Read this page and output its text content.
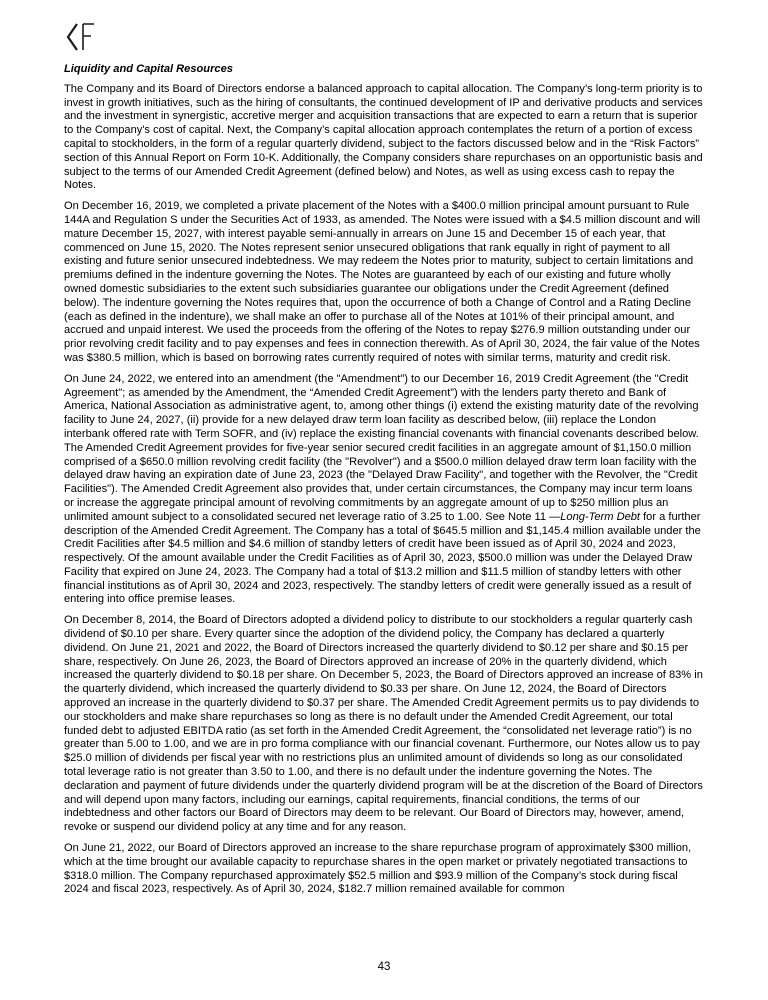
Liquidity and Capital Resources

The Company and its Board of Directors endorse a balanced approach to capital allocation. The Company’s long-term priority is to invest in growth initiatives, such as the hiring of consultants, the continued development of IP and derivative products and services and the investment in synergistic, accretive merger and acquisition transactions that are expected to earn a return that is superior to the Company's cost of capital. Next, the Company’s capital allocation approach contemplates the return of a portion of excess capital to stockholders, in the form of a regular quarterly dividend, subject to the factors discussed below and in the “Risk Factors” section of this Annual Report on Form 10-K. Additionally, the Company considers share repurchases on an opportunistic basis and subject to the terms of our Amended Credit Agreement (defined below) and Notes, as well as using excess cash to repay the Notes.

On December 16, 2019, we completed a private placement of the Notes with a $400.0 million principal amount pursuant to Rule 144A and Regulation S under the Securities Act of 1933, as amended. The Notes were issued with a $4.5 million discount and will mature December 15, 2027, with interest payable semi-annually in arrears on June 15 and December 15 of each year, that commenced on June 15, 2020. The Notes represent senior unsecured obligations that rank equally in right of payment to all existing and future senior unsecured indebtedness. We may redeem the Notes prior to maturity, subject to certain limitations and premiums defined in the indenture governing the Notes. The Notes are guaranteed by each of our existing and future wholly owned domestic subsidiaries to the extent such subsidiaries guarantee our obligations under the Credit Agreement (defined below). The indenture governing the Notes requires that, upon the occurrence of both a Change of Control and a Rating Decline (each as defined in the indenture), we shall make an offer to purchase all of the Notes at 101% of their principal amount, and accrued and unpaid interest. We used the proceeds from the offering of the Notes to repay $276.9 million outstanding under our prior revolving credit facility and to pay expenses and fees in connection therewith. As of April 30, 2024, the fair value of the Notes was $380.5 million, which is based on borrowing rates currently required of notes with similar terms, maturity and credit risk.

On June 24, 2022, we entered into an amendment (the "Amendment") to our December 16, 2019 Credit Agreement (the "Credit Agreement"; as amended by the Amendment, the “Amended Credit Agreement”) with the lenders party thereto and Bank of America, National Association as administrative agent, to, among other things (i) extend the existing maturity date of the revolving facility to June 24, 2027, (ii) provide for a new delayed draw term loan facility as described below, (iii) replace the London interbank offered rate with Term SOFR, and (iv) replace the existing financial covenants with financial covenants described below. The Amended Credit Agreement provides for five-year senior secured credit facilities in an aggregate amount of $1,150.0 million comprised of a $650.0 million revolving credit facility (the "Revolver") and a $500.0 million delayed draw term loan facility with the delayed draw having an expiration date of June 23, 2023 (the "Delayed Draw Facility", and together with the Revolver, the "Credit Facilities"). The Amended Credit Agreement also provides that, under certain circumstances, the Company may incur term loans or increase the aggregate principal amount of revolving commitments by an aggregate amount of up to $250 million plus an unlimited amount subject to a consolidated secured net leverage ratio of 3.25 to 1.00. See Note 11 —Long-Term Debt for a further description of the Amended Credit Agreement. The Company has a total of $645.5 million and $1,145.4 million available under the Credit Facilities after $4.5 million and $4.6 million of standby letters of credit have been issued as of April 30, 2024 and 2023, respectively. Of the amount available under the Credit Facilities as of April 30, 2023, $500.0 million was under the Delayed Draw Facility that expired on June 24, 2023. The Company had a total of $13.2 million and $11.5 million of standby letters with other financial institutions as of April 30, 2024 and 2023, respectively. The standby letters of credit were generally issued as a result of entering into office premise leases.

On December 8, 2014, the Board of Directors adopted a dividend policy to distribute to our stockholders a regular quarterly cash dividend of $0.10 per share. Every quarter since the adoption of the dividend policy, the Company has declared a quarterly dividend. On June 21, 2021 and 2022, the Board of Directors increased the quarterly dividend to $0.12 per share and $0.15 per share, respectively. On June 26, 2023, the Board of Directors approved an increase of 20% in the quarterly dividend, which increased the quarterly dividend to $0.18 per share. On December 5, 2023, the Board of Directors approved an increase of 83% in the quarterly dividend, which increased the quarterly dividend to $0.33 per share. On June 12, 2024, the Board of Directors approved an increase in the quarterly dividend to $0.37 per share. The Amended Credit Agreement permits us to pay dividends to our stockholders and make share repurchases so long as there is no default under the Amended Credit Agreement, our total funded debt to adjusted EBITDA ratio (as set forth in the Amended Credit Agreement, the “consolidated net leverage ratio”) is no greater than 5.00 to 1.00, and we are in pro forma compliance with our financial covenant. Furthermore, our Notes allow us to pay $25.0 million of dividends per fiscal year with no restrictions plus an unlimited amount of dividends so long as our consolidated total leverage ratio is not greater than 3.50 to 1.00, and there is no default under the indenture governing the Notes. The declaration and payment of future dividends under the quarterly dividend program will be at the discretion of the Board of Directors and will depend upon many factors, including our earnings, capital requirements, financial conditions, the terms of our indebtedness and other factors our Board of Directors may deem to be relevant. Our Board of Directors may, however, amend, revoke or suspend our dividend policy at any time and for any reason.

On June 21, 2022, our Board of Directors approved an increase to the share repurchase program of approximately $300 million, which at the time brought our available capacity to repurchase shares in the open market or privately negotiated transactions to $318.0 million. The Company repurchased approximately $52.5 million and $93.9 million of the Company’s stock during fiscal 2024 and fiscal 2023, respectively. As of April 30, 2024, $182.7 million remained available for common

43
